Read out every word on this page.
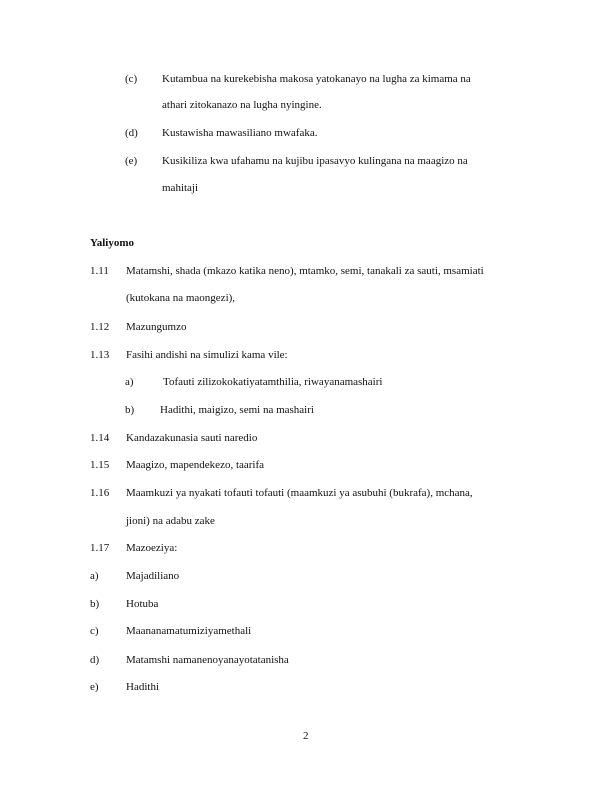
(c) Kutambua na kurekebisha makosa yatokanayo na lugha za kimama na
athari zitokanazo na lugha nyingine.
(d) Kustawisha mawasiliano mwafaka.
(e) Kusikiliza kwa ufahamu na kujibu ipasavyo kulingana na maagizo na
mahitaji
Yaliyomo
1.11 Matamshi, shada (mkazo katika neno), mtamko, semi, tanakali za sauti, msamiati
(kutokana na maongezi),
1.12 Mazungumzo
1.13 Fasihi andishi na simulizi kama vile:
a)	Tofauti zilizokokatiyatamthilia, riwayanamashairi
b) Hadithi, maigizo, semi na mashairi
1.14 Kandazakunasia sauti naredio
1.15 Maagizo, mapendekezo, taarifa
1.16 Maamkuzi ya nyakati tofauti tofauti (maamkuzi ya asubuhi (bukrafa), mchana,
jioni) na adabu zake
1.17 Mazoeziya:
a) Majadiliano
b) Hotuba
c) Maananamatumiziyamethali
d) Matamshi namanenoyanayotatanisha
e) Hadithi
2
